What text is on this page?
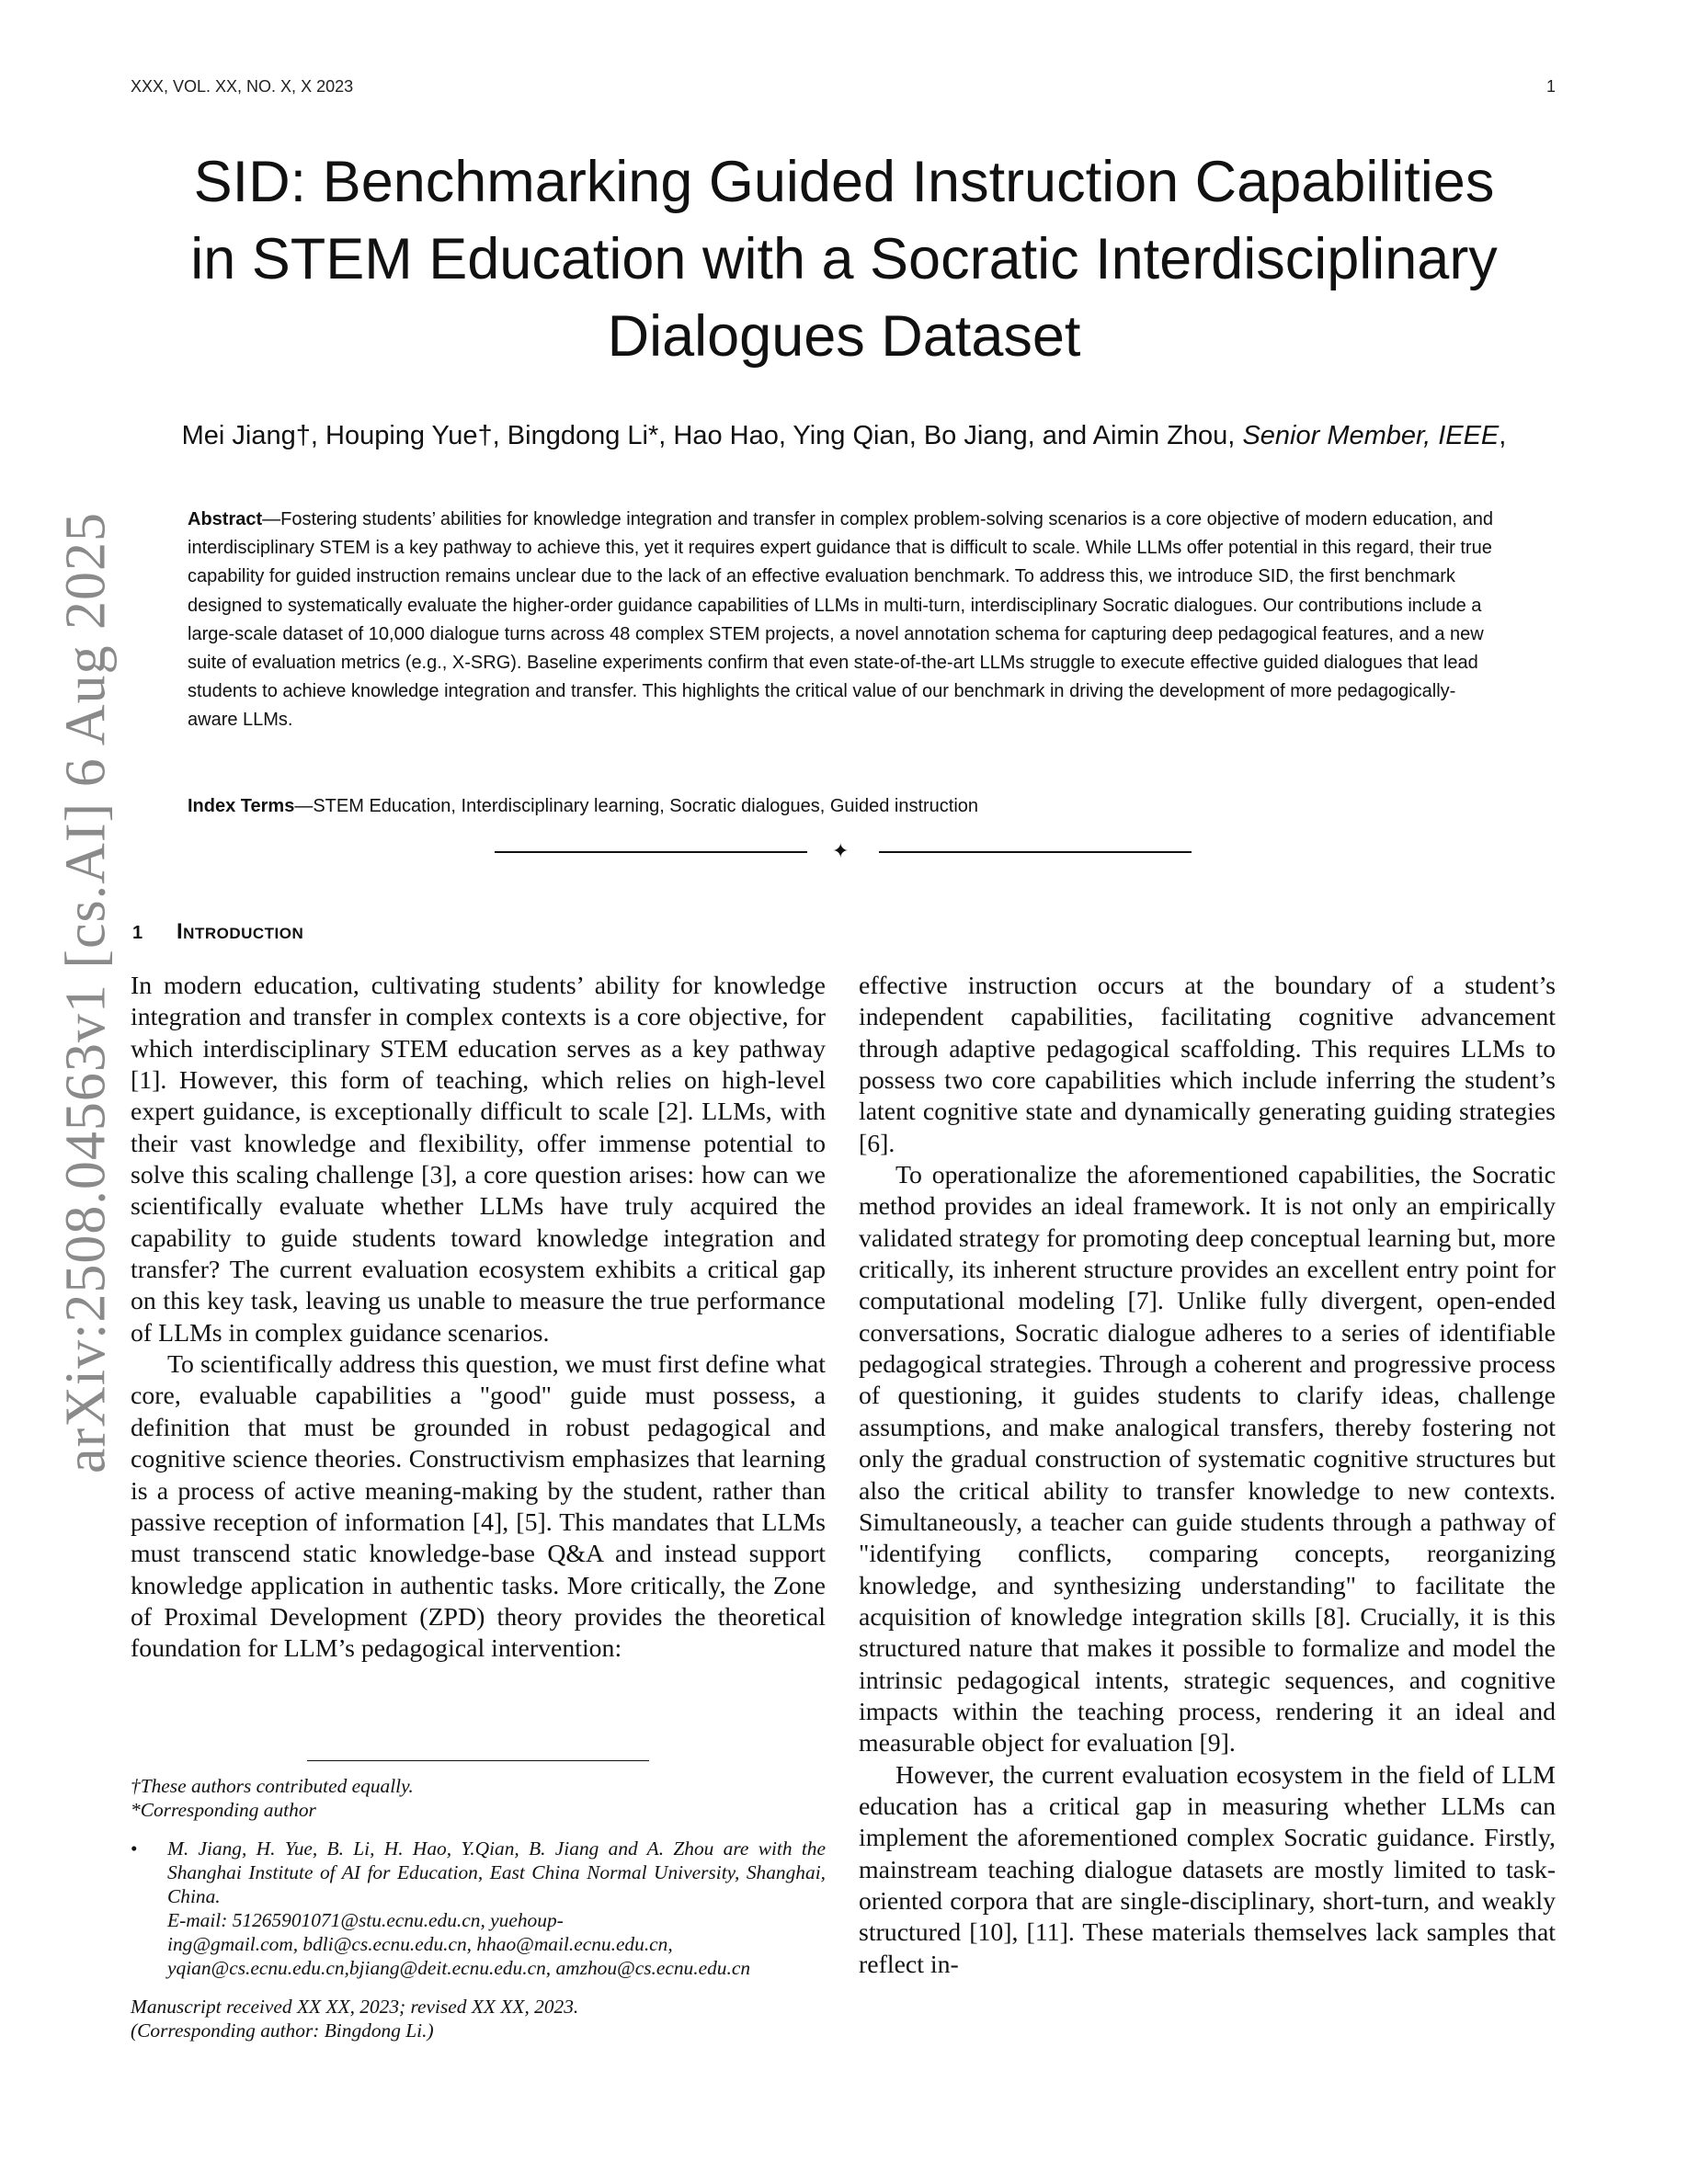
XXX, VOL. XX, NO. X, X 2023	1
arXiv:2508.04563v1 [cs.AI] 6 Aug 2025
SID: Benchmarking Guided Instruction Capabilities
in STEM Education with a Socratic Interdisciplinary
Dialogues Dataset
Mei Jiang†, Houping Yue†, Bingdong Li*, Hao Hao, Ying Qian, Bo Jiang, and Aimin Zhou, Senior Member, IEEE,

Abstract—Fostering students’ abilities for knowledge integration and transfer in complex problem-solving scenarios is a core objective of modern education, and interdisciplinary STEM is a key pathway to achieve this, yet it requires expert guidance that is difficult to scale. While LLMs offer potential in this regard, their true capability for guided instruction remains unclear due to the lack of an effective evaluation benchmark. To address this, we introduce SID, the first benchmark designed to systematically evaluate the higher-order guidance capabilities of LLMs in multi-turn, interdisciplinary Socratic dialogues. Our contributions include a large-scale dataset of 10,000 dialogue turns across 48 complex STEM projects, a novel annotation schema for capturing deep pedagogical features, and a new suite of evaluation metrics (e.g., X-SRG). Baseline experiments confirm that even state-of-the-art LLMs struggle to execute effective guided dialogues that lead students to achieve knowledge integration and transfer. This highlights the critical value of our benchmark in driving the development of more pedagogically-aware LLMs.

Index Terms—STEM Education, Interdisciplinary learning, Socratic dialogues, Guided instruction
✦
1 Introduction

In modern education, cultivating students’ ability for knowledge integration and transfer in complex contexts is a core objective, for which interdisciplinary STEM education serves as a key pathway [1]. However, this form of teaching, which relies on high-level expert guidance, is exceptionally difficult to scale [2]. LLMs, with their vast knowledge and flexibility, offer immense potential to solve this scaling challenge [3], a core question arises: how can we scientifically evaluate whether LLMs have truly acquired the capability to guide students toward knowledge integration and transfer? The current evaluation ecosystem exhibits a critical gap on this key task, leaving us unable to measure the true performance of LLMs in complex guidance scenarios.

To scientifically address this question, we must first define what core, evaluable capabilities a "good" guide must possess, a definition that must be grounded in robust pedagogical and cognitive science theories. Constructivism emphasizes that learning is a process of active meaning-making by the student, rather than passive reception of information [4], [5]. This mandates that LLMs must transcend static knowledge-base Q&A and instead support knowledge application in authentic tasks. More critically, the Zone of Proximal Development (ZPD) theory provides the theoretical foundation for LLM’s pedagogical intervention:

effective instruction occurs at the boundary of a student’s independent capabilities, facilitating cognitive advancement through adaptive pedagogical scaffolding. This requires LLMs to possess two core capabilities which include inferring the student’s latent cognitive state and dynamically generating guiding strategies [6].

To operationalize the aforementioned capabilities, the Socratic method provides an ideal framework. It is not only an empirically validated strategy for promoting deep conceptual learning but, more critically, its inherent structure provides an excellent entry point for computational modeling [7]. Unlike fully divergent, open-ended conversations, Socratic dialogue adheres to a series of identifiable pedagogical strategies. Through a coherent and progressive process of questioning, it guides students to clarify ideas, challenge assumptions, and make analogical transfers, thereby fostering not only the gradual construction of systematic cognitive structures but also the critical ability to transfer knowledge to new contexts. Simultaneously, a teacher can guide students through a pathway of "identifying conflicts, comparing concepts, reorganizing knowledge, and synthesizing understanding" to facilitate the acquisition of knowledge integration skills [8]. Crucially, it is this structured nature that makes it possible to formalize and model the intrinsic pedagogical intents, strategic sequences, and cognitive impacts within the teaching process, rendering it an ideal and measurable object for evaluation [9].

However, the current evaluation ecosystem in the field of LLM education has a critical gap in measuring whether LLMs can implement the aforementioned complex Socratic guidance. Firstly, mainstream teaching dialogue datasets are mostly limited to task-oriented corpora that are single-disciplinary, short-turn, and weakly structured [10], [11]. These materials themselves lack samples that reflect in-

†These authors contributed equally.

*Corresponding author

• M. Jiang, H. Yue, B. Li, H. Hao, Y.Qian, B. Jiang and A. Zhou are with the Shanghai Institute of AI for Education, East China Normal University, Shanghai, China.
E-mail: 51265901071@stu.ecnu.edu.cn, yuehoup-
ing@gmail.com, bdli@cs.ecnu.edu.cn, hhao@mail.ecnu.edu.cn,
yqian@cs.ecnu.edu.cn,bjiang@deit.ecnu.edu.cn, amzhou@cs.ecnu.edu.cn

Manuscript received XX XX, 2023; revised XX XX, 2023.

(Corresponding author: Bingdong Li.)
